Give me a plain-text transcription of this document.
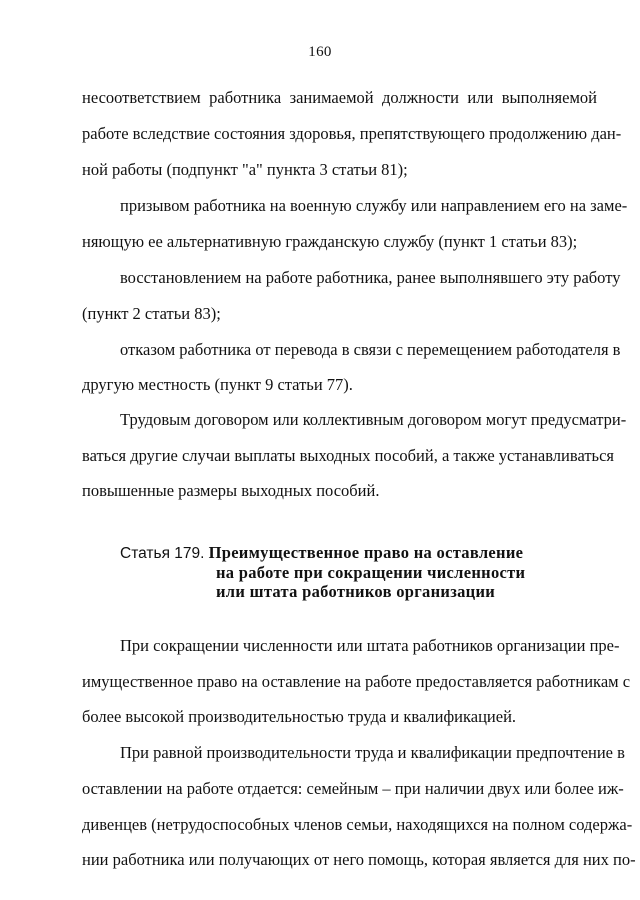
160
несоответствием работника занимаемой должности или выполняемой
работе вследствие состояния здоровья, препятствующего продолжению дан-
ной работы (подпункт "а" пункта 3 статьи 81);
призывом работника на военную службу или направлением его на заме-
няющую ее альтернативную гражданскую службу (пункт 1 статьи 83);
восстановлением на работе работника, ранее выполнявшего эту работу
(пункт 2 статьи 83);
отказом работника от перевода в связи с перемещением работодателя в
другую местность (пункт 9 статьи 77).
Трудовым договором или коллективным договором могут предусматри-
ваться другие случаи выплаты выходных пособий, а также устанавливаться
повышенные размеры выходных пособий.
Статья 179. Преимущественное право на оставление
на работе при сокращении численности
или штата работников организации
При сокращении численности или штата работников организации пре-
имущественное право на оставление на работе предоставляется работникам с
более высокой производительностью труда и квалификацией.
При равной производительности труда и квалификации предпочтение в
оставлении на работе отдается: семейным – при наличии двух или более иж-
дивенцев (нетрудоспособных членов семьи, находящихся на полном содержа-
нии работника или получающих от него помощь, которая является для них по-
